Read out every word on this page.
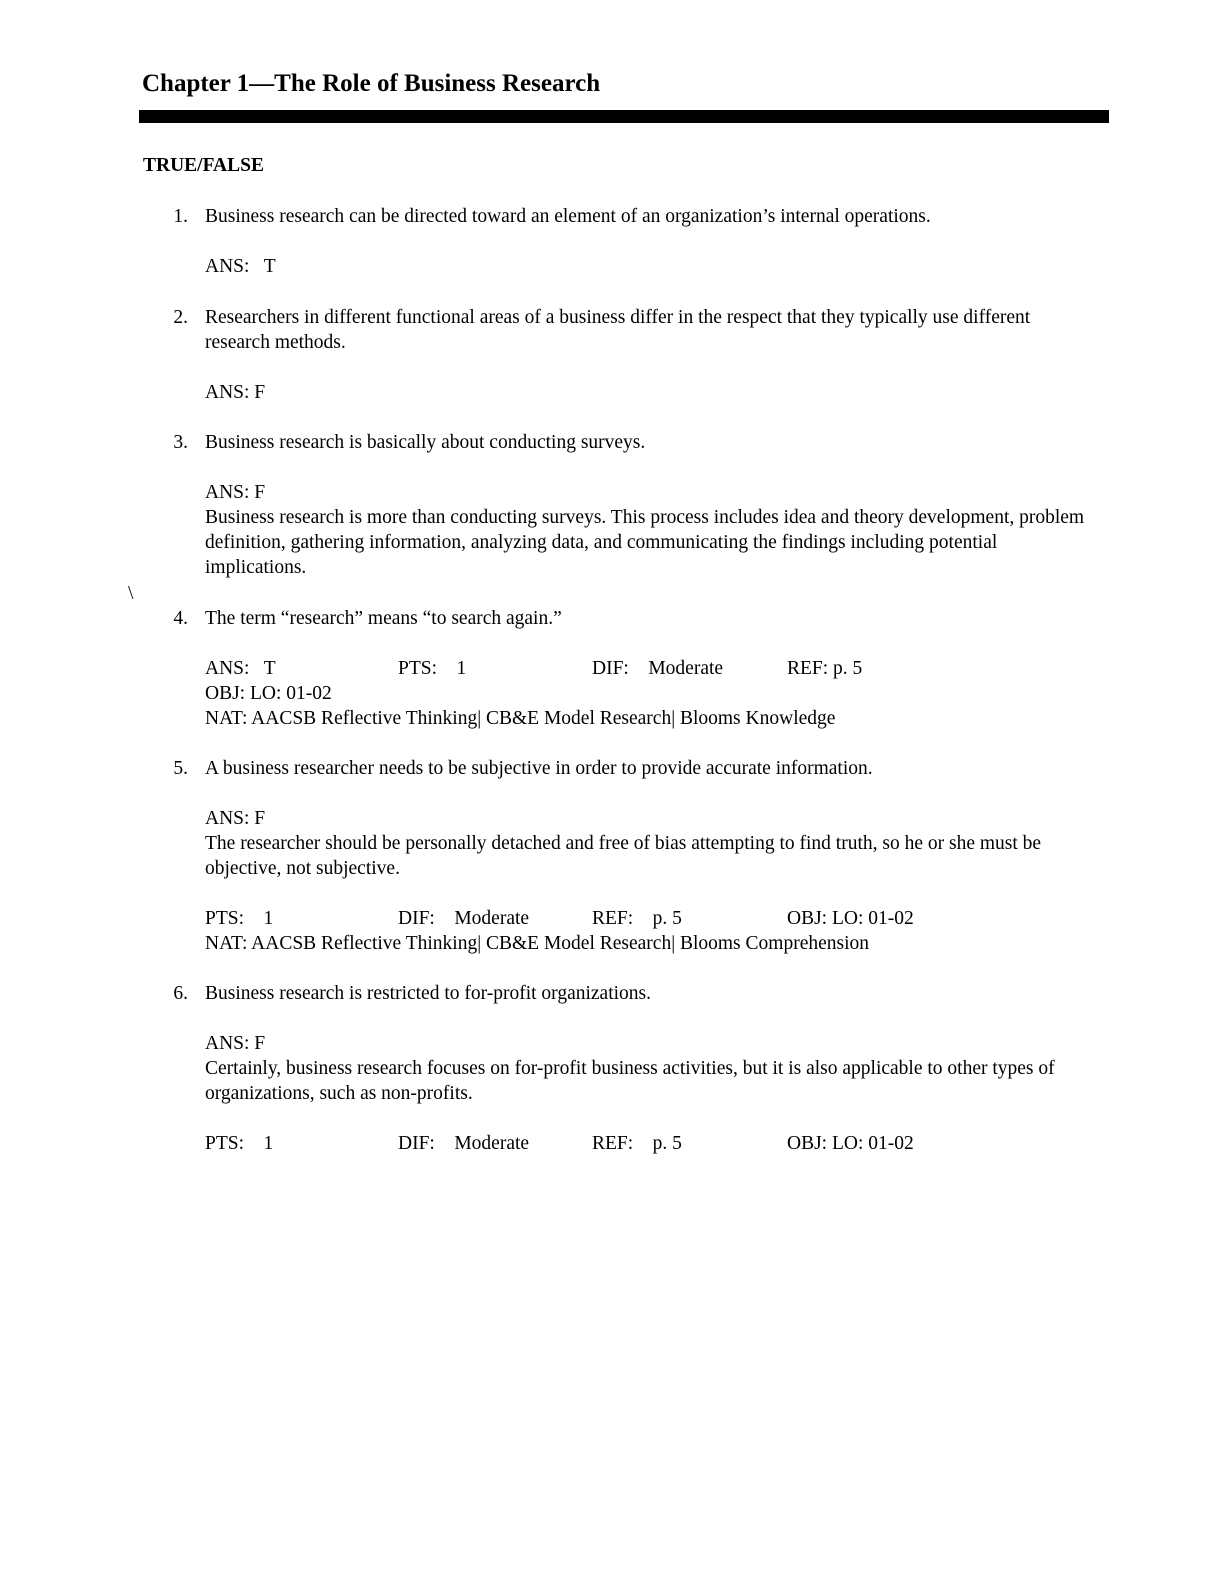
Chapter 1—The Role of Business Research
TRUE/FALSE
1. Business research can be directed toward an element of an organization’s internal operations.
ANS:   T
2. Researchers in different functional areas of a business differ in the respect that they typically use different research methods.
ANS: F
3. Business research is basically about conducting surveys.
ANS: F
Business research is more than conducting surveys. This process includes idea and theory development, problem definition, gathering information, analyzing data, and communicating the findings including potential implications.
\
4. The term “research” means “to search again.”
ANS:   T	PTS:    1	DIF:    Moderate	REF: p. 5
OBJ: LO: 01-02
NAT: AACSB Reflective Thinking| CB&E Model Research| Blooms Knowledge
5. A business researcher needs to be subjective in order to provide accurate information.
ANS: F
The researcher should be personally detached and free of bias attempting to find truth, so he or she must be objective, not subjective.
PTS:    1	DIF:    Moderate	REF:    p. 5	OBJ: LO: 01-02
NAT: AACSB Reflective Thinking| CB&E Model Research| Blooms Comprehension
6. Business research is restricted to for-profit organizations.
ANS: F
Certainly, business research focuses on for-profit business activities, but it is also applicable to other types of organizations, such as non-profits.
PTS:    1	DIF:    Moderate	REF:    p. 5	OBJ: LO: 01-02
